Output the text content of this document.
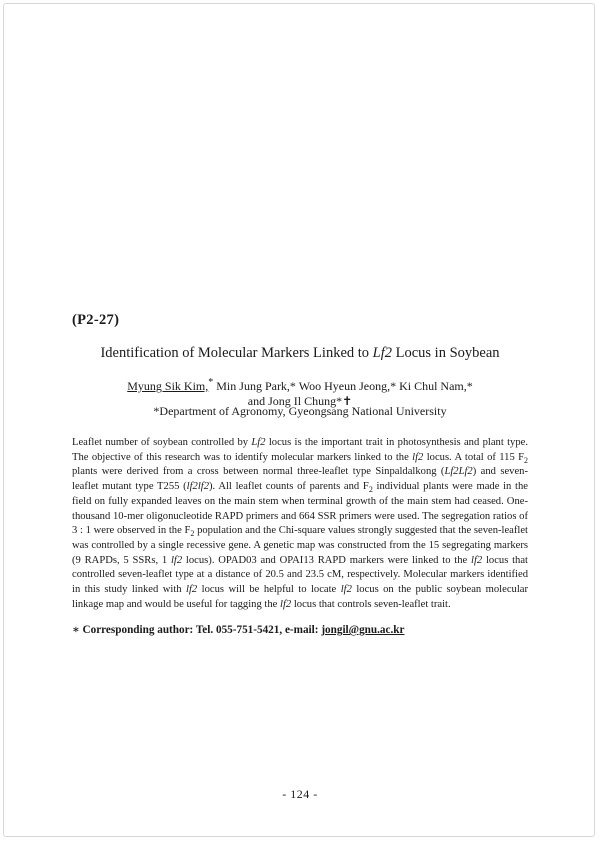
(P2-27)

Identification of Molecular Markers Linked to Lf2 Locus in Soybean

Myung Sik Kim,* Min Jung Park,* Woo Hyeun Jeong,* Ki Chul Nam,*
and Jong Il Chung*✝

*Department of Agronomy, Gyeongsang National University

Leaflet number of soybean controlled by Lf2 locus is the important trait in photosynthesis and plant type. The objective of this research was to identify molecular markers linked to the lf2 locus. A total of 115 $F_2$ plants were derived from a cross between normal three-leaflet type Sinpaldalkong (Lf2Lf2) and seven-leaflet mutant type T255 (lf2lf2). All leaflet counts of parents and $F_2$ individual plants were made in the field on fully expanded leaves on the main stem when terminal growth of the main stem had ceased. One-thousand 10-mer oligonucleotide RAPD primers and 664 SSR primers were used. The segregation ratios of 3 : 1 were observed in the $F_2$ population and the Chi-square values strongly suggested that the seven-leaflet was controlled by a single recessive gene. A genetic map was constructed from the 15 segregating markers (9 RAPDs, 5 SSRs, 1 lf2 locus). OPAD03 and OPAI13 RAPD markers were linked to the lf2 locus that controlled seven-leaflet type at a distance of 20.5 and 23.5 cM, respectively. Molecular markers identified in this study linked with lf2 locus will be helpful to locate lf2 locus on the public soybean molecular linkage map and would be useful for tagging the lf2 locus that controls seven-leaflet trait.

∗ Corresponding author: Tel. 055-751-5421, e-mail: jongil@gnu.ac.kr

- 124 -
